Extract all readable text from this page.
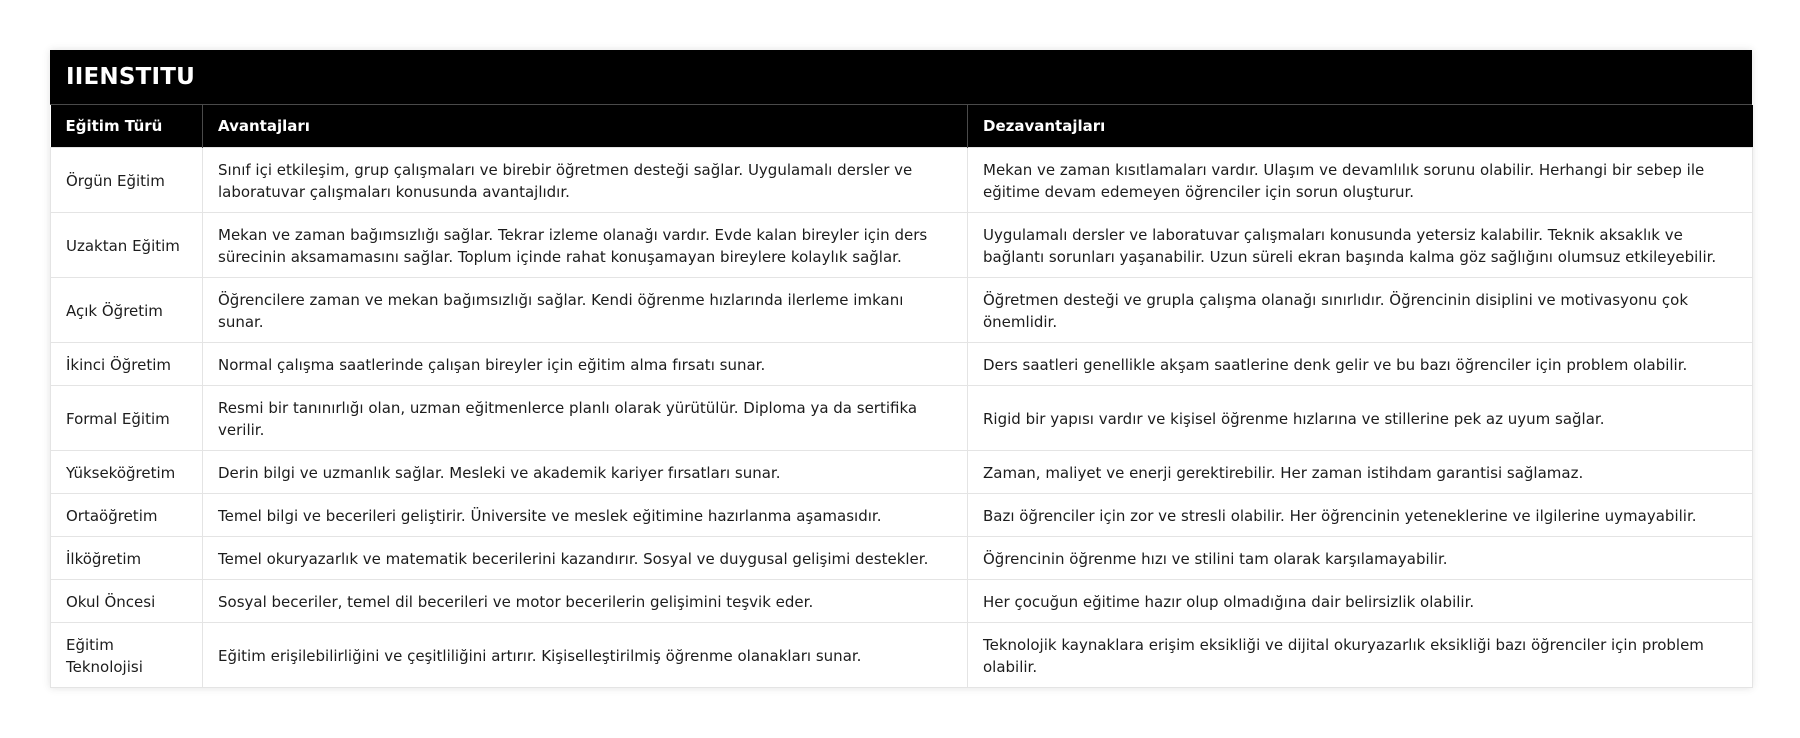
IIENSTITU
Eğitim Türü	Avantajları	Dezavantajları
Örgün Eğitim	Sınıf içi etkileşim, grup çalışmaları ve birebir öğretmen desteği sağlar. Uygulamalı dersler ve laboratuvar çalışmaları konusunda avantajlıdır.	Mekan ve zaman kısıtlamaları vardır. Ulaşım ve devamlılık sorunu olabilir. Herhangi bir sebep ile eğitime devam edemeyen öğrenciler için sorun oluşturur.
Uzaktan Eğitim	Mekan ve zaman bağımsızlığı sağlar. Tekrar izleme olanağı vardır. Evde kalan bireyler için ders sürecinin aksamamasını sağlar. Toplum içinde rahat konuşamayan bireylere kolaylık sağlar.	Uygulamalı dersler ve laboratuvar çalışmaları konusunda yetersiz kalabilir. Teknik aksaklık ve bağlantı sorunları yaşanabilir. Uzun süreli ekran başında kalma göz sağlığını olumsuz etkileyebilir.
Açık Öğretim	Öğrencilere zaman ve mekan bağımsızlığı sağlar. Kendi öğrenme hızlarında ilerleme imkanı sunar.	Öğretmen desteği ve grupla çalışma olanağı sınırlıdır. Öğrencinin disiplini ve motivasyonu çok önemlidir.
İkinci Öğretim	Normal çalışma saatlerinde çalışan bireyler için eğitim alma fırsatı sunar.	Ders saatleri genellikle akşam saatlerine denk gelir ve bu bazı öğrenciler için problem olabilir.
Formal Eğitim	Resmi bir tanınırlığı olan, uzman eğitmenlerce planlı olarak yürütülür. Diploma ya da sertifika verilir.	Rigid bir yapısı vardır ve kişisel öğrenme hızlarına ve stillerine pek az uyum sağlar.
Yükseköğretim	Derin bilgi ve uzmanlık sağlar. Mesleki ve akademik kariyer fırsatları sunar.	Zaman, maliyet ve enerji gerektirebilir. Her zaman istihdam garantisi sağlamaz.
Ortaöğretim	Temel bilgi ve becerileri geliştirir. Üniversite ve meslek eğitimine hazırlanma aşamasıdır.	Bazı öğrenciler için zor ve stresli olabilir. Her öğrencinin yeteneklerine ve ilgilerine uymayabilir.
İlköğretim	Temel okuryazarlık ve matematik becerilerini kazandırır. Sosyal ve duygusal gelişimi destekler.	Öğrencinin öğrenme hızı ve stilini tam olarak karşılamayabilir.
Okul Öncesi	Sosyal beceriler, temel dil becerileri ve motor becerilerin gelişimini teşvik eder.	Her çocuğun eğitime hazır olup olmadığına dair belirsizlik olabilir.
Eğitim Teknolojisi	Eğitim erişilebilirliğini ve çeşitliliğini artırır. Kişiselleştirilmiş öğrenme olanakları sunar.	Teknolojik kaynaklara erişim eksikliği ve dijital okuryazarlık eksikliği bazı öğrenciler için problem olabilir.
